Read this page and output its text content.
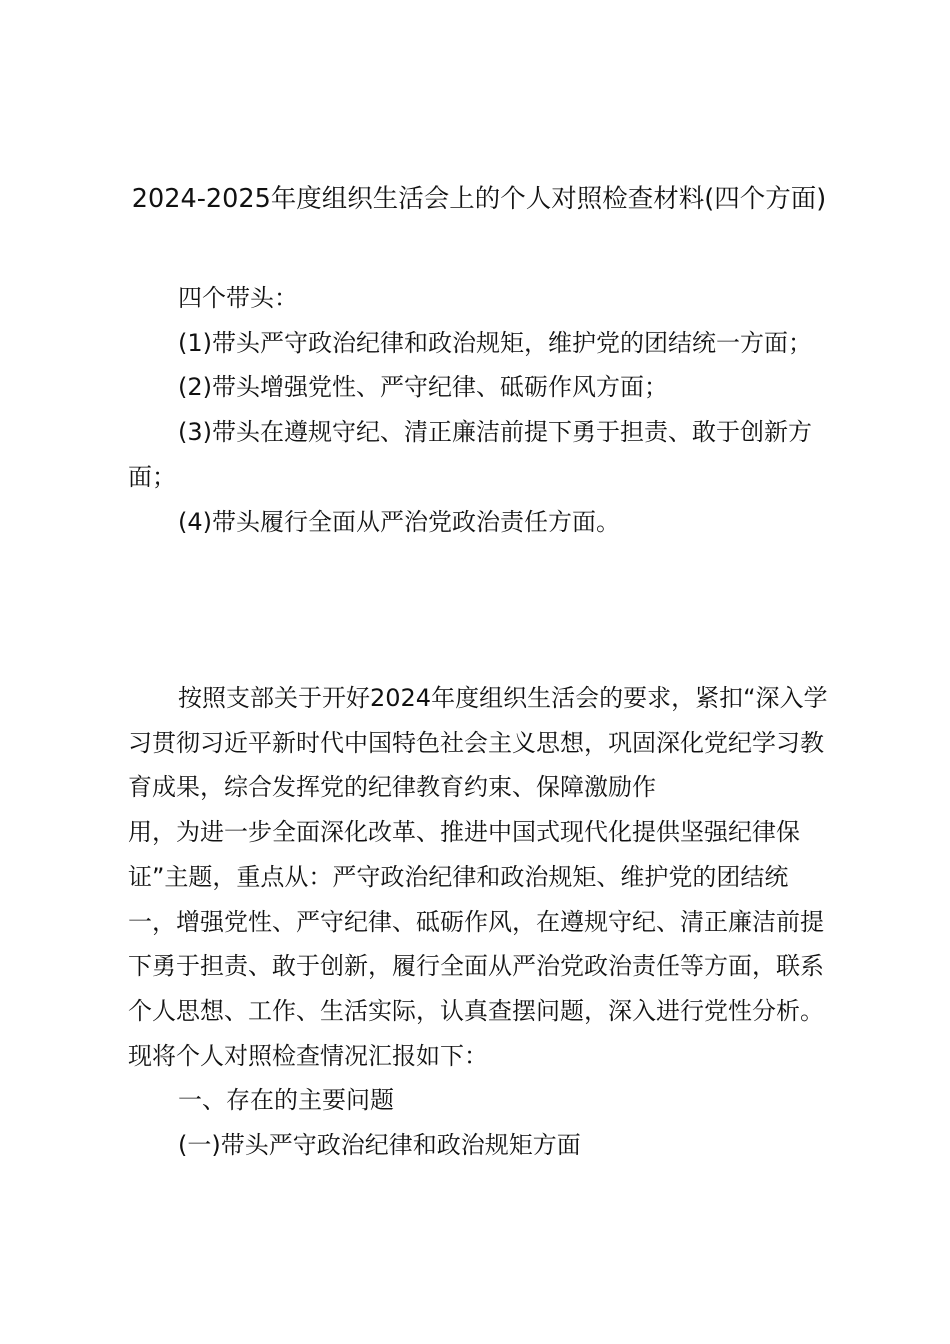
2024-2025年度组织生活会上的个人对照检查材料(四个方面)

四个带头：

(1)带头严守政治纪律和政治规矩，维护党的团结统一方面；

(2)带头增强党性、严守纪律、砥砺作风方面；

(3)带头在遵规守纪、清正廉洁前提下勇于担责、敢于创新方面；

(4)带头履行全面从严治党政治责任方面。

按照支部关于开好2024年度组织生活会的要求，紧扣“深入学习贯彻习近平新时代中国特色社会主义思想，巩固深化党纪学习教育成果，综合发挥党的纪律教育约束、保障激励作
用，为进一步全面深化改革、推进中国式现代化提供坚强纪律保证”主题，重点从：严守政治纪律和政治规矩、维护党的团结统一，增强党性、严守纪律、砥砺作风，在遵规守纪、清正廉洁前提下勇于担责、敢于创新，履行全面从严治党政治责任等方面，联系个人思想、工作、生活实际，认真查摆问题，深入进行党性分析。现将个人对照检查情况汇报如下：

一、存在的主要问题

(一)带头严守政治纪律和政治规矩方面
